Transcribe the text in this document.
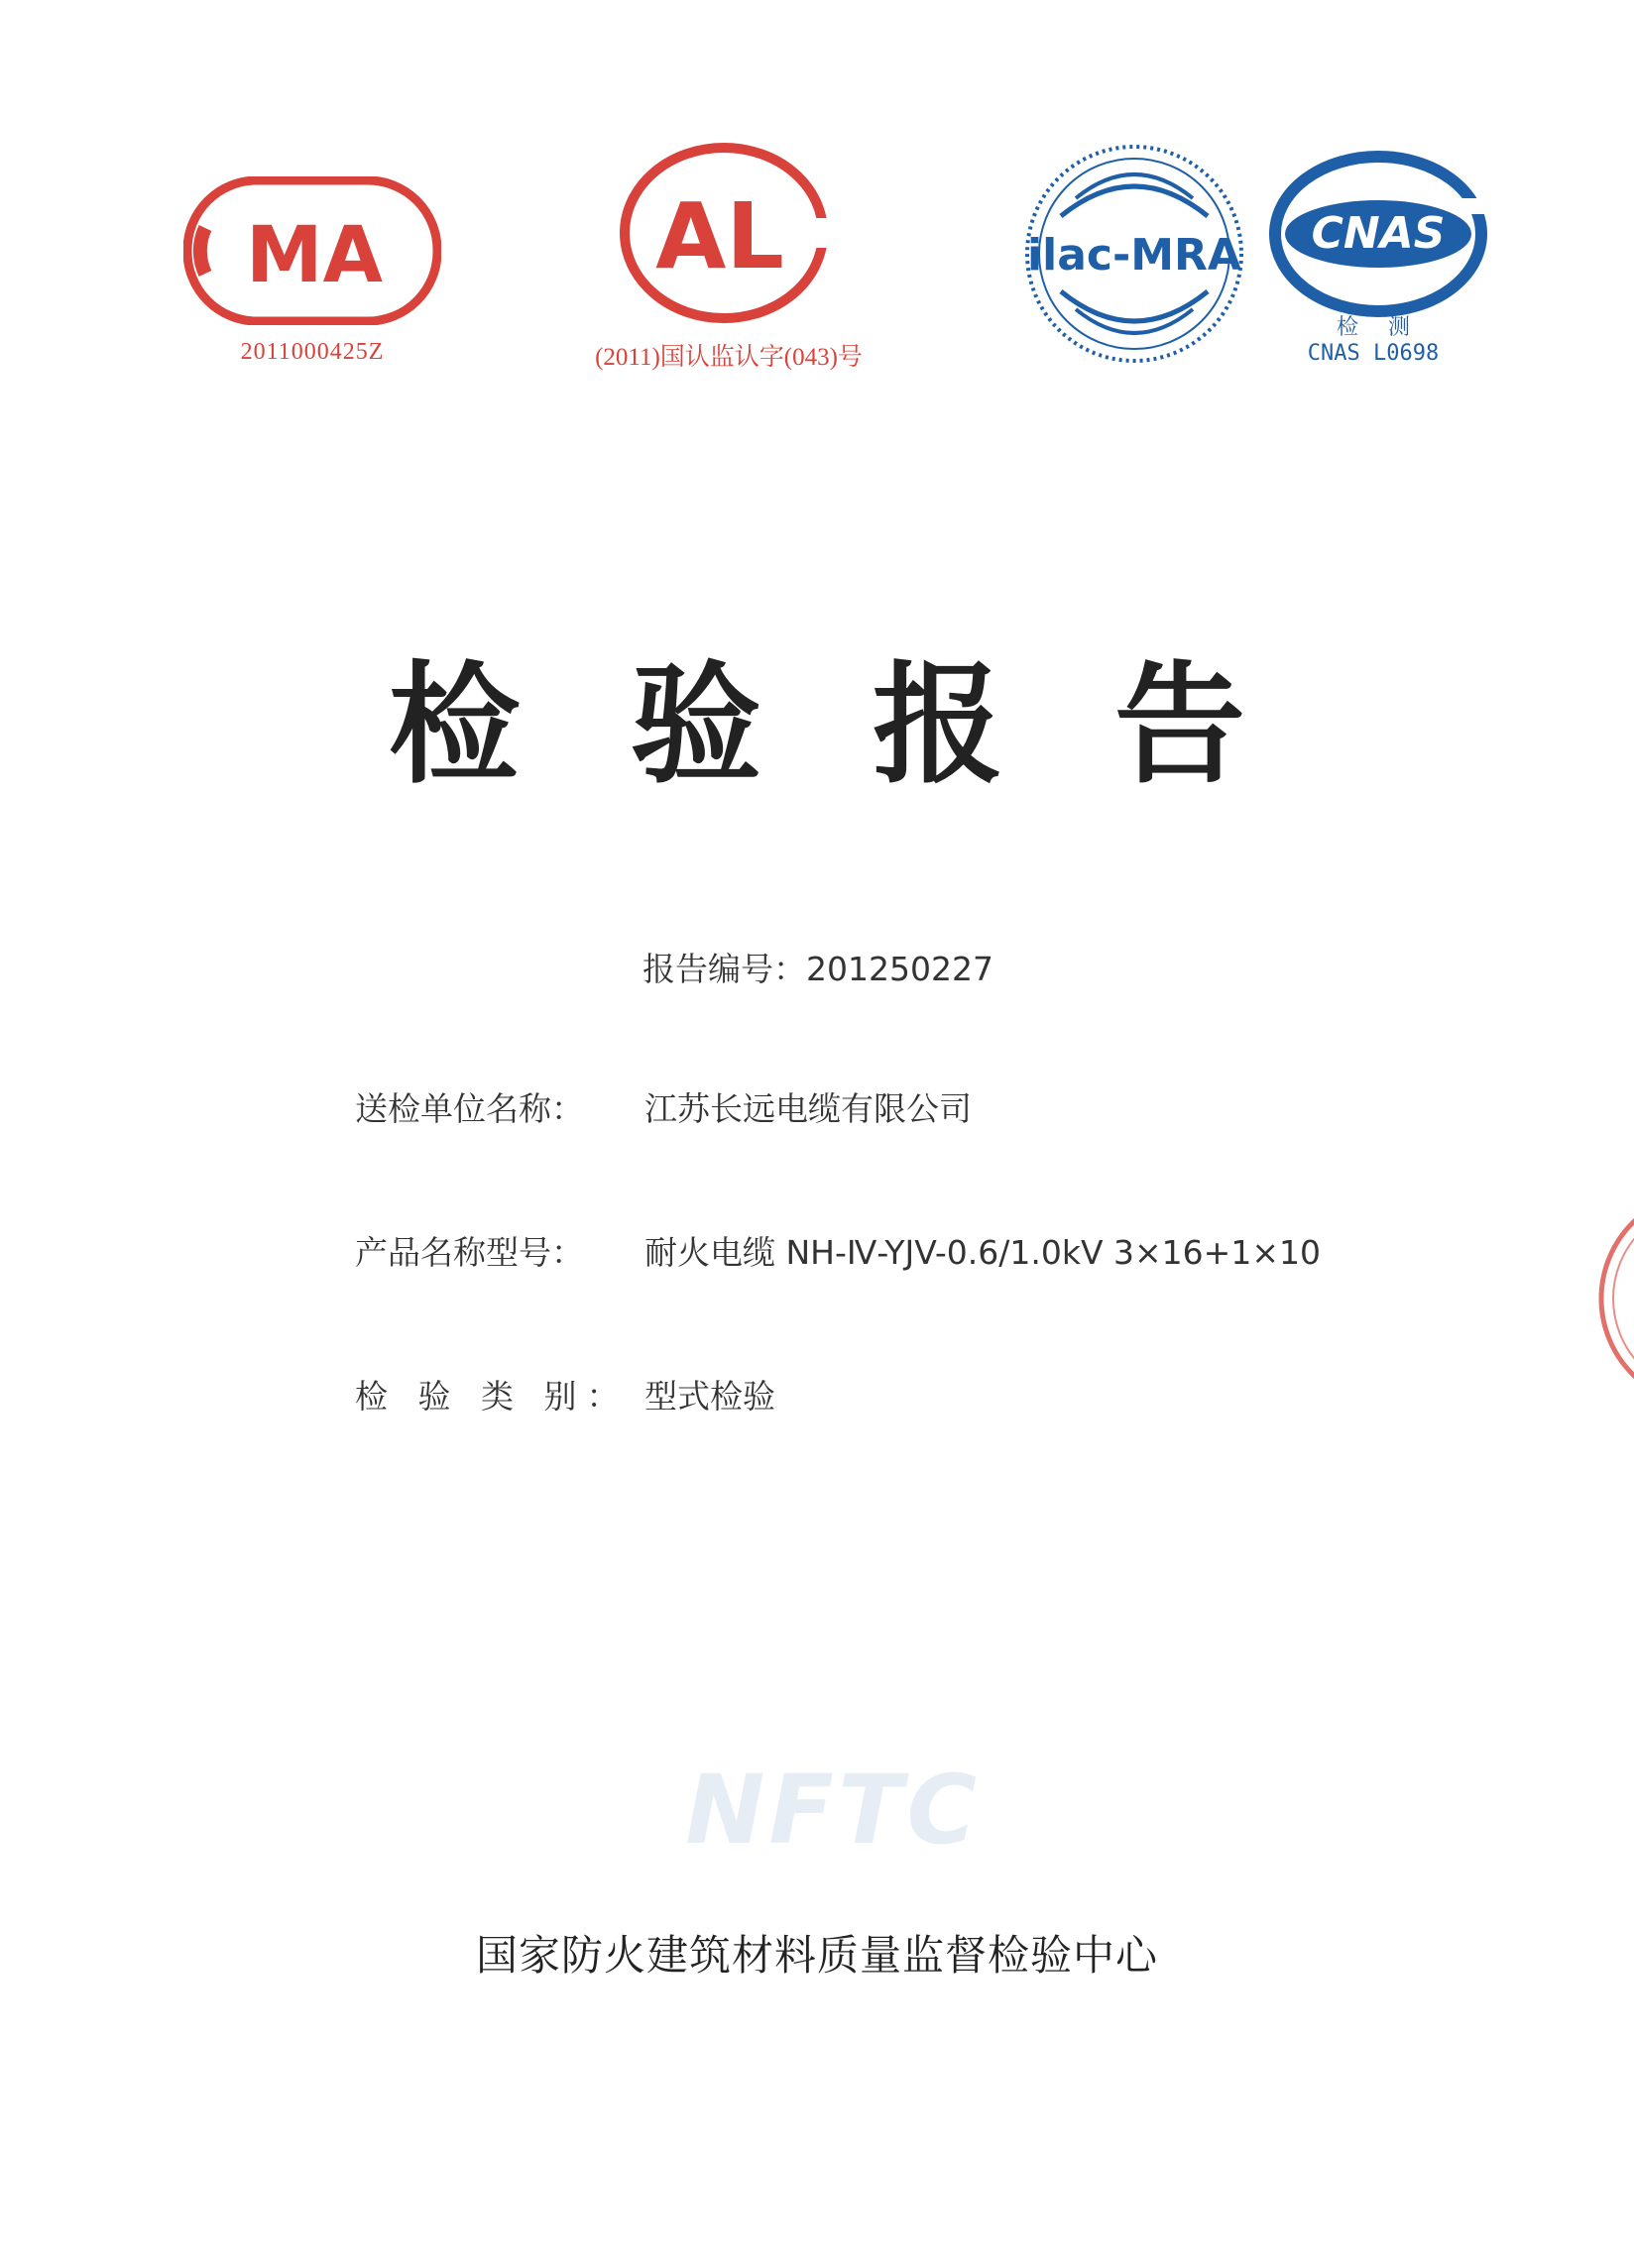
MA
2011000425Z
AL
(2011)国认监认字(043)号
ilac-MRA CNAS
检测
CNAS L0698
检验报告
报告编号：201250227
送检单位名称： 江苏长远电缆有限公司
产品名称型号： 耐火电缆 NH-Ⅳ-YJV-0.6/1.0kV 3×16+1×10
检 验 类 别： 型式检验
NFTC
国家防火建筑材料质量监督检验中心
